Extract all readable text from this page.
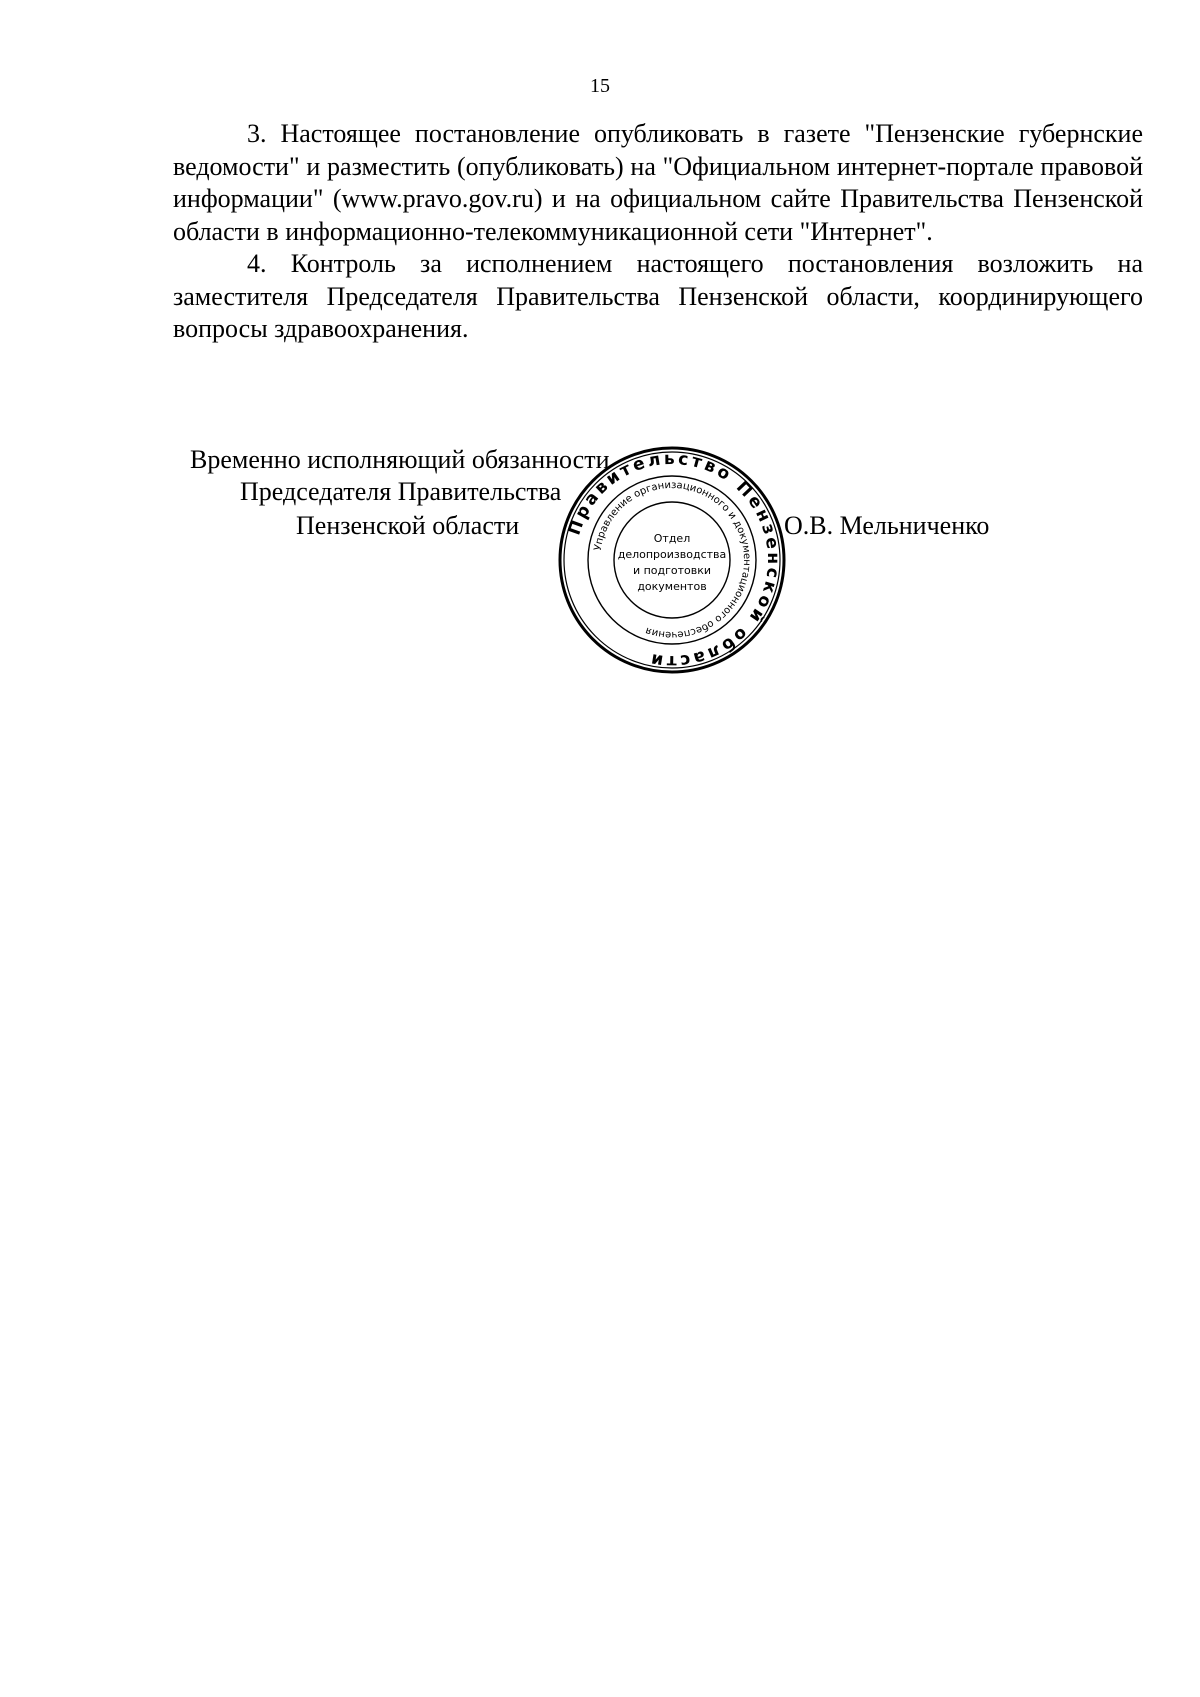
15

3. Настоящее постановление опубликовать в газете "Пензенские губернские ведомости" и разместить (опубликовать) на "Официальном интернет-портале правовой информации" (www.pravo.gov.ru) и на официальном сайте Правительства Пензенской области в информационно-телекоммуникационной сети "Интернет".

4. Контроль за исполнением настоящего постановления возложить на заместителя Председателя Правительства Пензенской области, координирующего вопросы здравоохранения.

Временно исполняющий обязанности
Председателя Правительства
Пензенской области	О.В. Мельниченко
Правительство Пензенской области
Управление организационного и документационного обеспечения
Отдел
делопроизводства
и подготовки
документов
